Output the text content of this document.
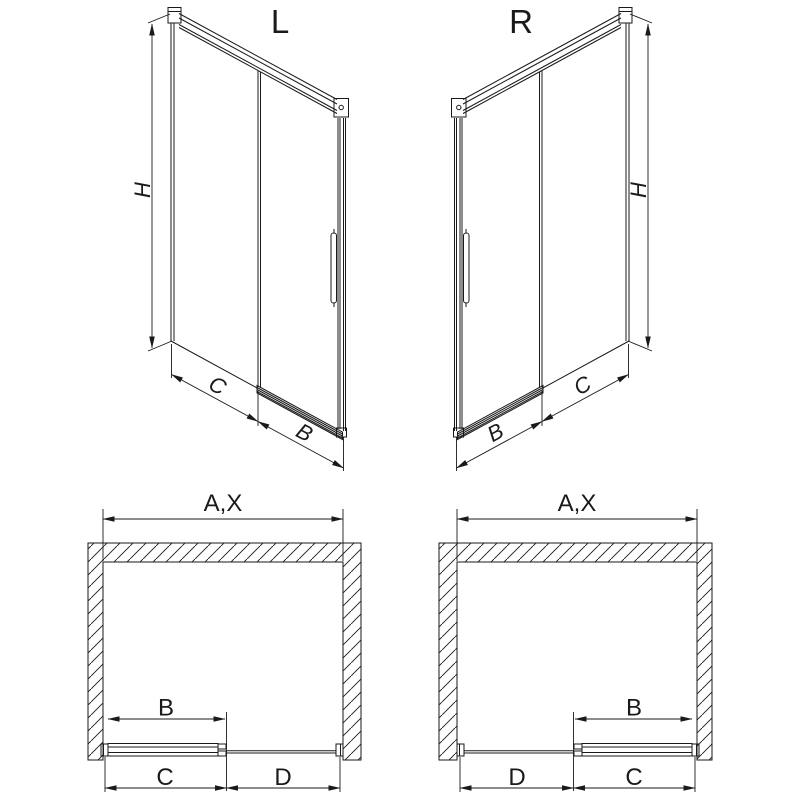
L
H
C
B
R
H
C
B
A,X
B
C	D
A,X
B
D	C
